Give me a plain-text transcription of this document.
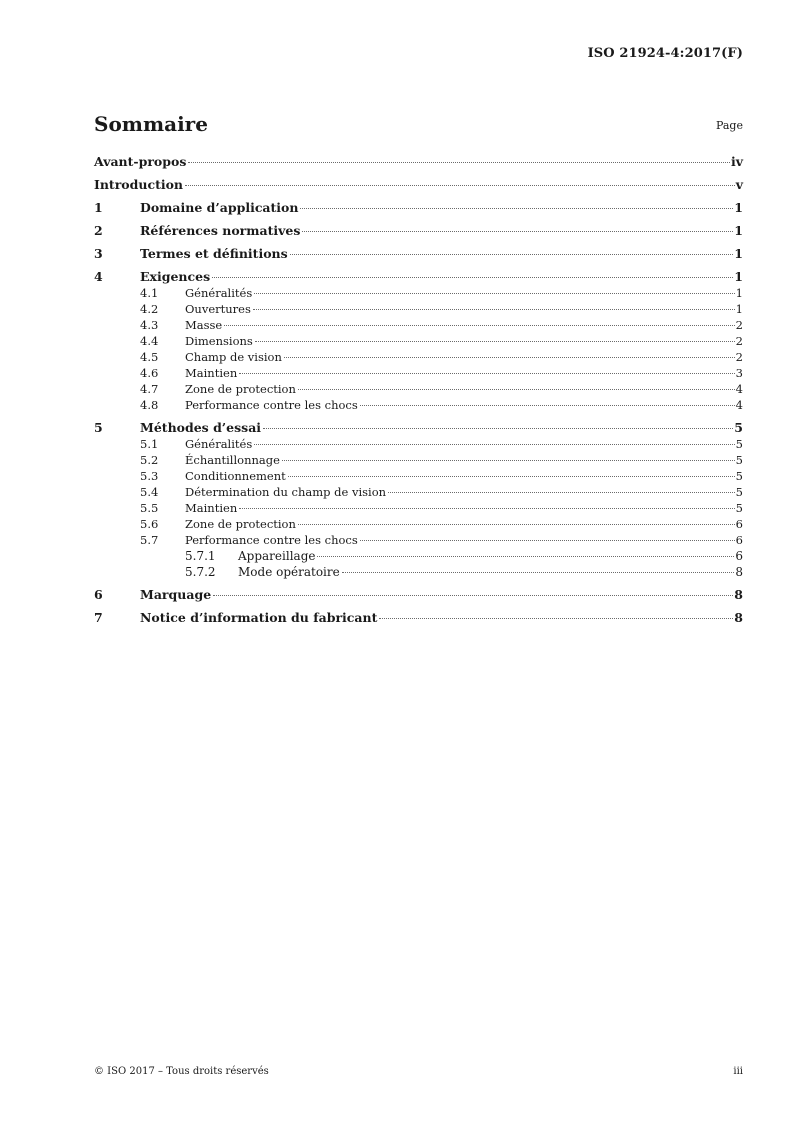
ISO 21924-4:2017(F)
Sommaire	Page
Avant-propos	iv
Introduction	v
1	Domaine d’application	1
2	Références normatives	1
3	Termes et définitions	1
4	Exigences	1
4.1 Généralités	1
4.2 Ouvertures	1
4.3 Masse	2
4.4 Dimensions	2
4.5 Champ de vision	2
4.6 Maintien	3
4.7 Zone de protection	4
4.8 Performance contre les chocs	4
5	Méthodes d’essai	5
5.1 Généralités	5
5.2 Échantillonnage	5
5.3 Conditionnement	5
5.4 Détermination du champ de vision	5
5.5 Maintien	5
5.6 Zone de protection	6
5.7 Performance contre les chocs	6
5.7.1 Appareillage	6
5.7.2 Mode opératoire	8
6	Marquage	8
7	Notice d’information du fabricant	8
© ISO 2017 – Tous droits réservés	iii
